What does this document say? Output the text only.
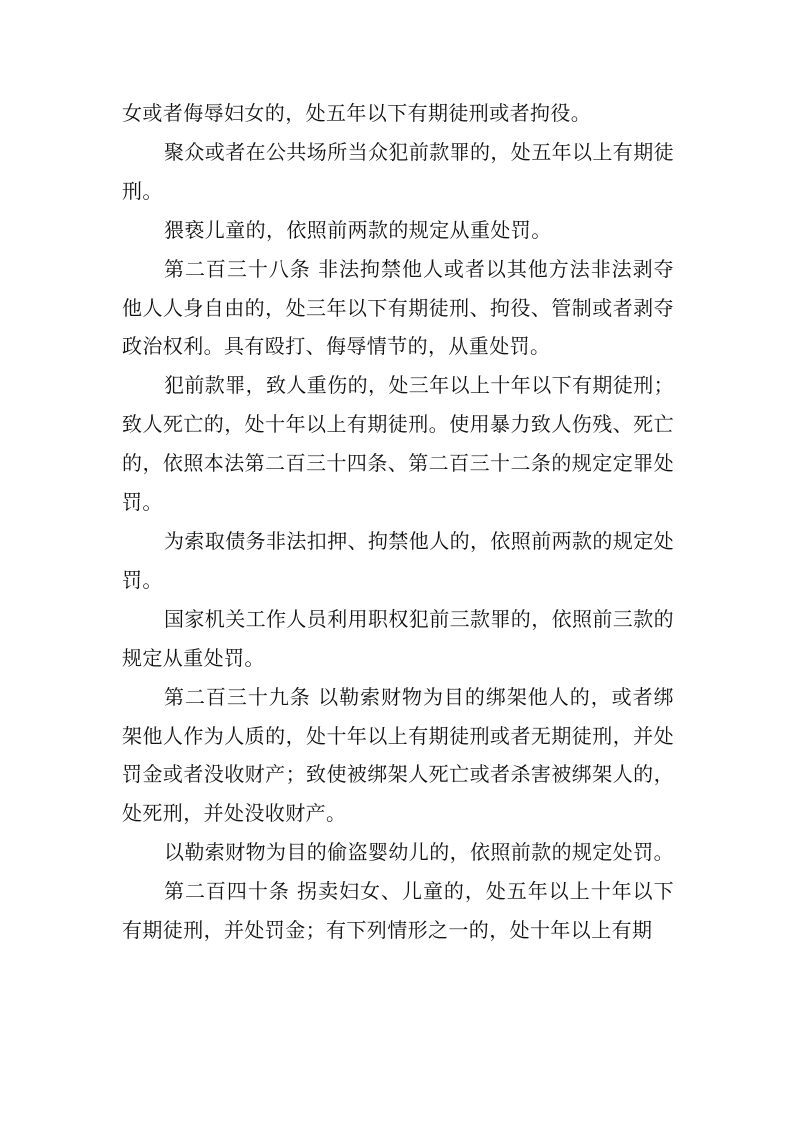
女或者侮辱妇女的，处五年以下有期徒刑或者拘役。

聚众或者在公共场所当众犯前款罪的，处五年以上有期徒刑。

猥亵儿童的，依照前两款的规定从重处罚。

第二百三十八条 非法拘禁他人或者以其他方法非法剥夺他人人身自由的，处三年以下有期徒刑、拘役、管制或者剥夺政治权利。具有殴打、侮辱情节的，从重处罚。

犯前款罪，致人重伤的，处三年以上十年以下有期徒刑；致人死亡的，处十年以上有期徒刑。使用暴力致人伤残、死亡的，依照本法第二百三十四条、第二百三十二条的规定定罪处罚。

为索取债务非法扣押、拘禁他人的，依照前两款的规定处罚。

国家机关工作人员利用职权犯前三款罪的，依照前三款的规定从重处罚。

第二百三十九条 以勒索财物为目的绑架他人的，或者绑架他人作为人质的，处十年以上有期徒刑或者无期徒刑，并处罚金或者没收财产；致使被绑架人死亡或者杀害被绑架人的，处死刑，并处没收财产。

以勒索财物为目的偷盗婴幼儿的，依照前款的规定处罚。

第二百四十条 拐卖妇女、儿童的，处五年以上十年以下有期徒刑，并处罚金；有下列情形之一的，处十年以上有期
